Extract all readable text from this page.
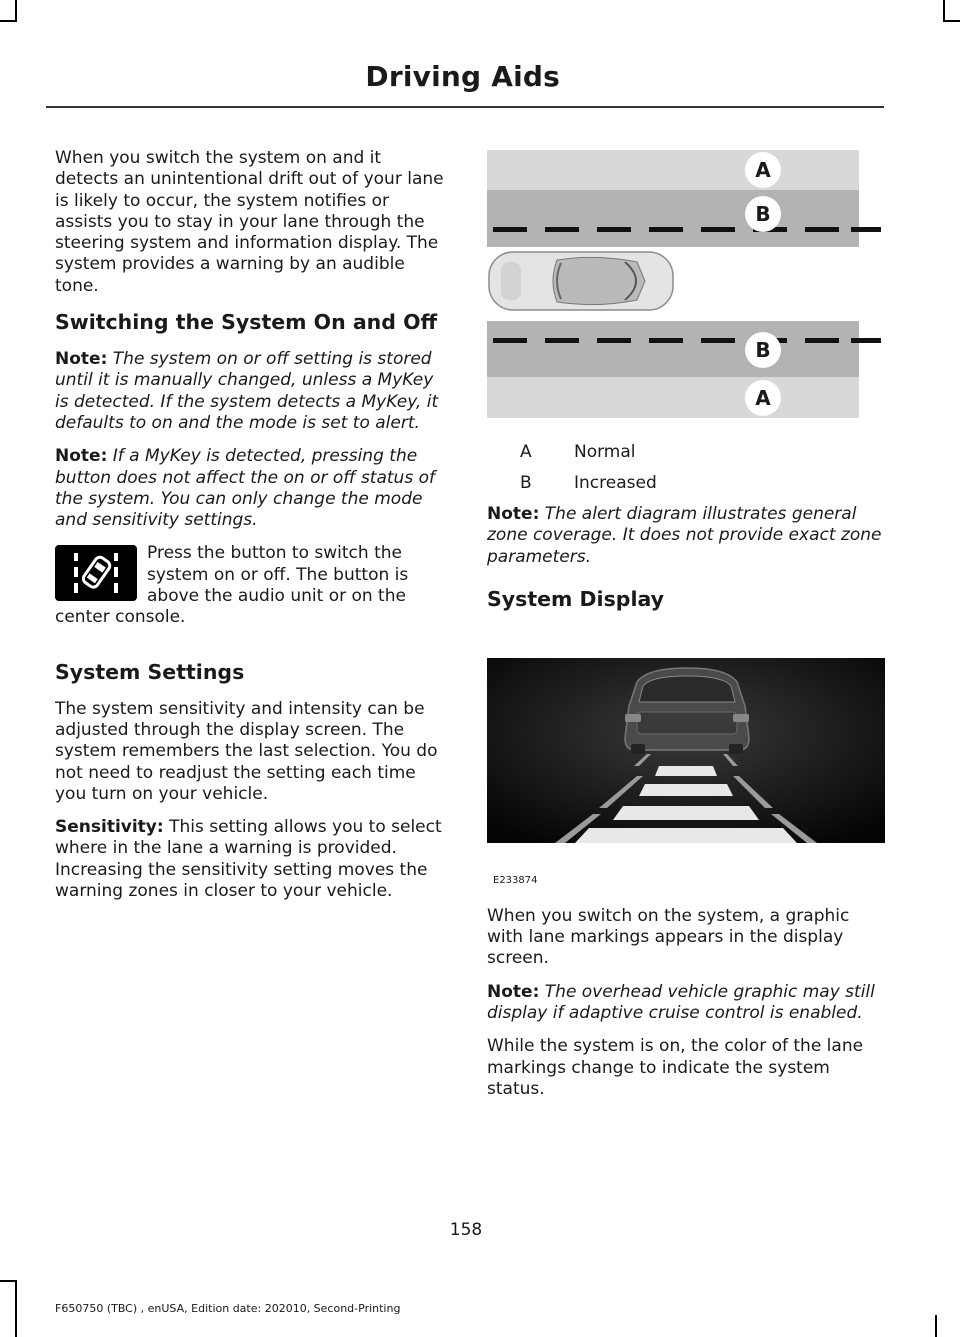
Driving Aids

When you switch the system on and it detects an unintentional drift out of your lane is likely to occur, the system notifies or assists you to stay in your lane through the steering system and information display. The system provides a warning by an audible tone.

Switching the System On and Off

Note: The system on or off setting is stored until it is manually changed, unless a MyKey is detected. If the system detects a MyKey, it defaults to on and the mode is set to alert.

Note: If a MyKey is detected, pressing the button does not affect the on or off status of the system. You can only change the mode and sensitivity settings.

Press the button to switch the system on or off. The button is above the audio unit or on the center console.

System Settings

The system sensitivity and intensity can be adjusted through the display screen. The system remembers the last selection. You do not need to readjust the setting each time you turn on your vehicle.

Sensitivity: This setting allows you to select where in the lane a warning is provided. Increasing the sensitivity setting moves the warning zones in closer to your vehicle.

A
B
B
A
A	Normal
B	Increased

Note: The alert diagram illustrates general zone coverage. It does not provide exact zone parameters.

System Display
E233874

When you switch on the system, a graphic with lane markings appears in the display screen.

Note: The overhead vehicle graphic may still display if adaptive cruise control is enabled.

While the system is on, the color of the lane markings change to indicate the system status.

158
F650750 (TBC) , enUSA, Edition date: 202010, Second-Printing
